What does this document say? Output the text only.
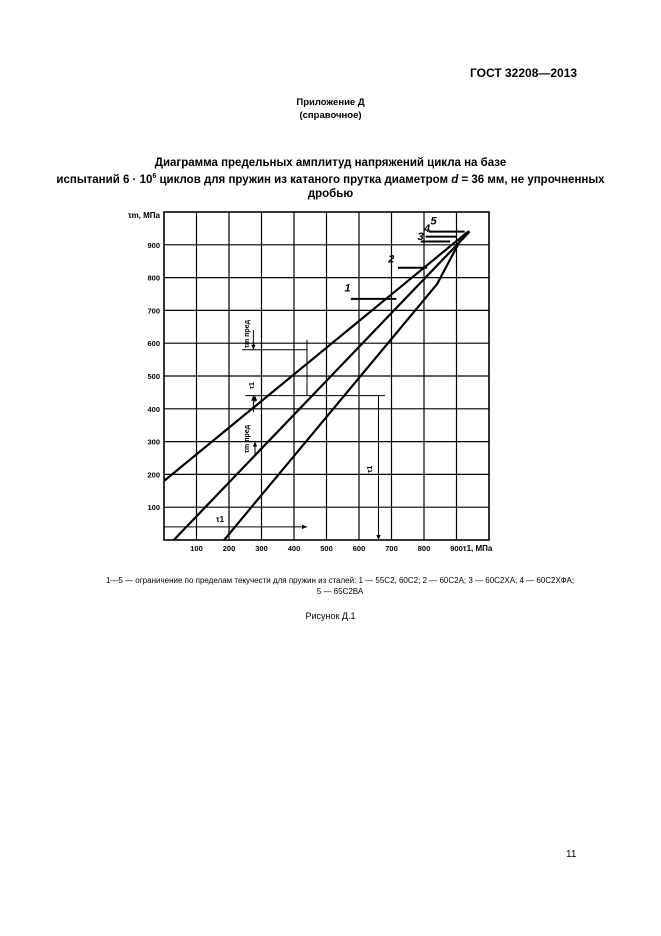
ГОСТ 32208—2013
Приложение Д
(справочное)
Диаграмма предельных амплитуд напряжений цикла на базе
испытаний $6 \cdot 10^6$ циклов для пружин из катаного прутка диаметром d = 36 мм, не упрочненных
дробью
1
2
3
4
5
τ1
τ1
τm пред
τm пред
τ1
100	200	300	400	500	600	700	800	900
100
200
300
400
500
600
700
800
900
τ1, МПа
τm, МПа
1—5 — ограничение по пределам текучести для пружин из сталей: 1 — 55С2, 60С2; 2 — 60С2А; 3 — 60С2ХА; 4 — 60С2ХФА;
5 — 65С2ВА
Рисунок Д.1
11
